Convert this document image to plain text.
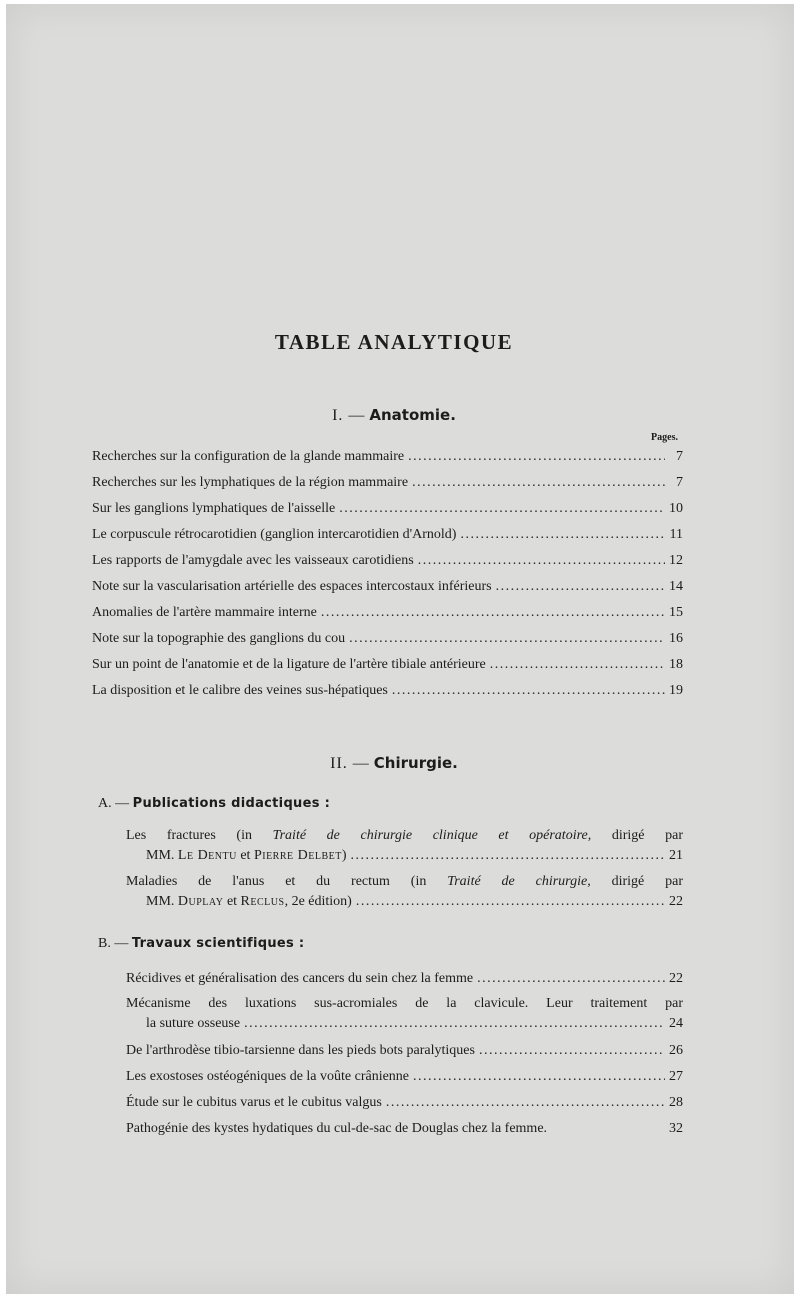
TABLE ANALYTIQUE
I. — Anatomie.
Pages.
Recherches sur la configuration de la glande mammaire . . .	7
Recherches sur les lymphatiques de la région mammaire . . .	7
Sur les ganglions lymphatiques de l'aisselle . . .	10
Le corpuscule rétrocarotidien (ganglion intercarotidien d'Arnold) . . .	11
Les rapports de l'amygdale avec les vaisseaux carotidiens . . .	12
Note sur la vascularisation artérielle des espaces intercostaux inférieurs . . .	14
Anomalies de l'artère mammaire interne . . .	15
Note sur la topographie des ganglions du cou . . .	16
Sur un point de l'anatomie et de la ligature de l'artère tibiale antérieure . . .	18
La disposition et le calibre des veines sus-hépatiques . . .	19
II. — Chirurgie.
A. — Publications didactiques :
Les fractures (in Traité de chirurgie clinique et opératoire, dirigé par
MM. Le Dentu et Pierre Delbet) . . .	21
Maladies de l'anus et du rectum (in Traité de chirurgie, dirigé par
MM. Duplay et Reclus, 2e édition) . . .	22
B. — Travaux scientifiques :
Récidives et généralisation des cancers du sein chez la femme . . .	22
Mécanisme des luxations sus-acromiales de la clavicule. Leur traitement par
la suture osseuse . . .	24
De l'arthrodèse tibio-tarsienne dans les pieds bots paralytiques . . .	26
Les exostoses ostéogéniques de la voûte crânienne . . .	27
Étude sur le cubitus varus et le cubitus valgus . . .	28
Pathogénie des kystes hydatiques du cul-de-sac de Douglas chez la femme.	32
